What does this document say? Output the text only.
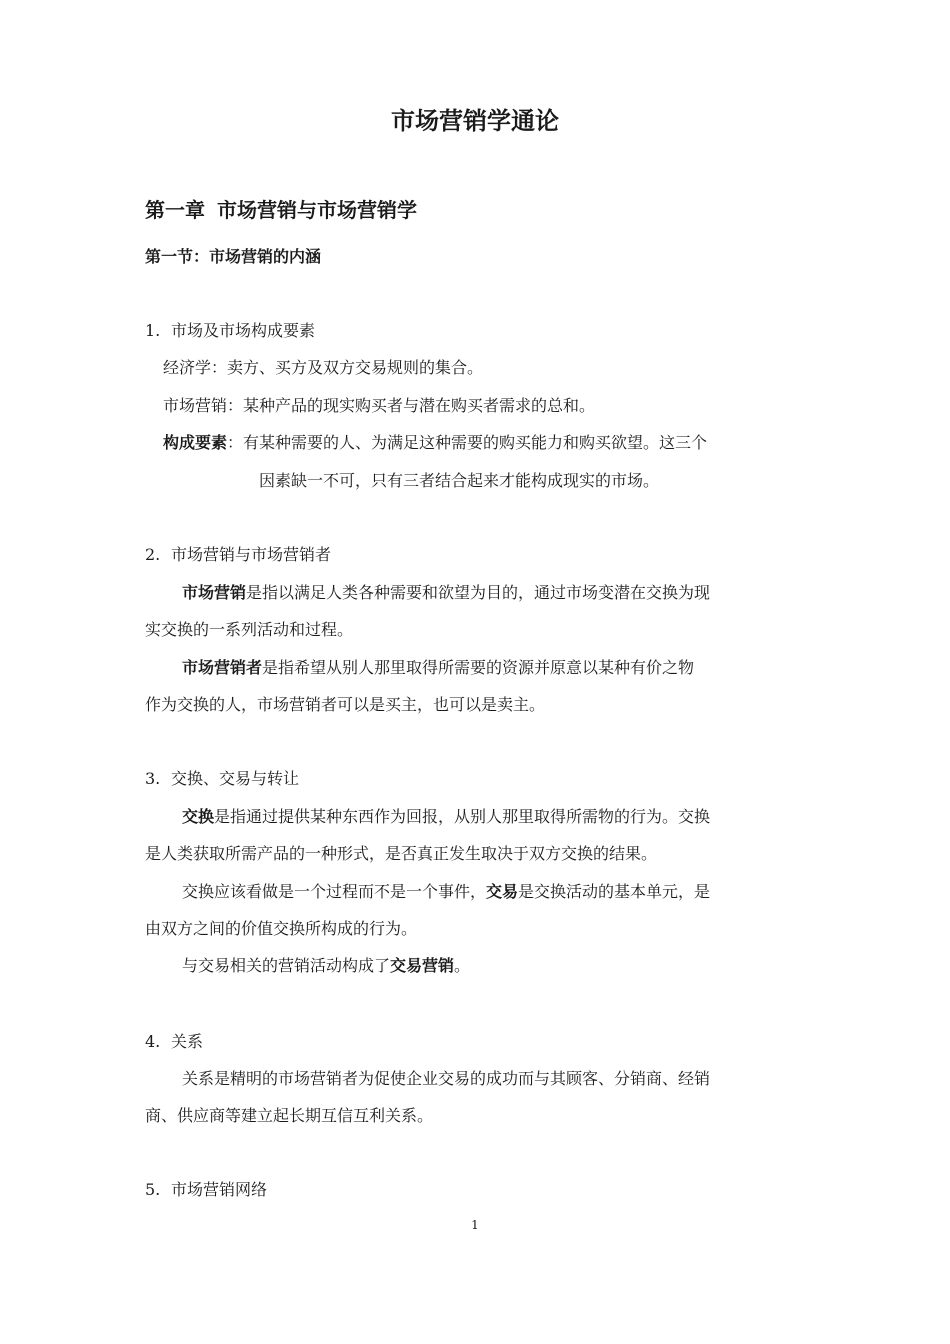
市场营销学通论
第一章 市场营销与市场营销学
第一节：市场营销的内涵
1. 市场及市场构成要素
经济学：卖方、买方及双方交易规则的集合。
市场营销：某种产品的现实购买者与潜在购买者需求的总和。
构成要素：有某种需要的人、为满足这种需要的购买能力和购买欲望。这三个
因素缺一不可，只有三者结合起来才能构成现实的市场。
2. 市场营销与市场营销者
市场营销是指以满足人类各种需要和欲望为目的，通过市场变潜在交换为现
实交换的一系列活动和过程。
市场营销者是指希望从别人那里取得所需要的资源并原意以某种有价之物
作为交换的人，市场营销者可以是买主，也可以是卖主。
3. 交换、交易与转让
交换是指通过提供某种东西作为回报，从别人那里取得所需物的行为。交换
是人类获取所需产品的一种形式，是否真正发生取决于双方交换的结果。
交换应该看做是一个过程而不是一个事件，交易是交换活动的基本单元，是
由双方之间的价值交换所构成的行为。
与交易相关的营销活动构成了交易营销。
4. 关系
关系是精明的市场营销者为促使企业交易的成功而与其顾客、分销商、经销
商、供应商等建立起长期互信互利关系。
5. 市场营销网络
1
